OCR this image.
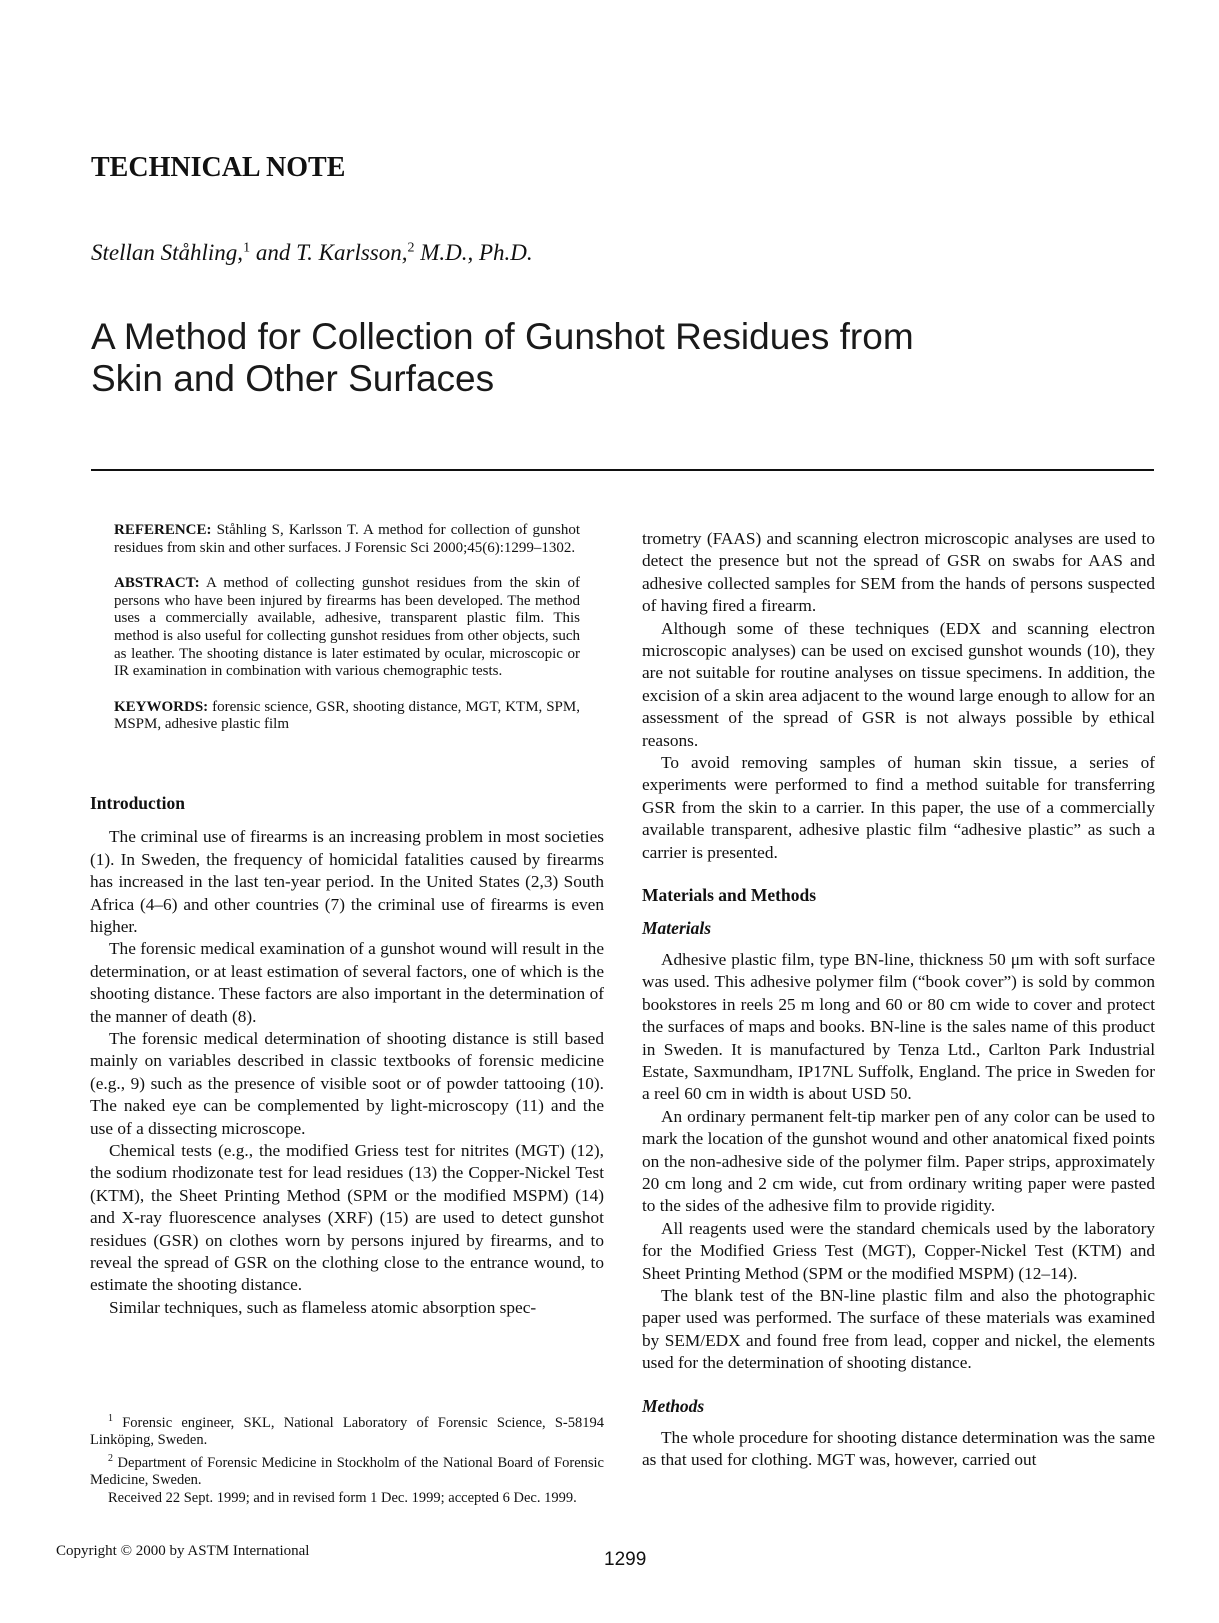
TECHNICAL NOTE

Stellan Ståhling,$^1$ and T. Karlsson,$^2$ M.D., Ph.D.

A Method for Collection of Gunshot Residues from
Skin and Other Surfaces
REFERENCE: Ståhling S, Karlsson T. A method for collection of gunshot residues from skin and other surfaces. J Forensic Sci 2000;45(6):1299–1302.
ABSTRACT: A method of collecting gunshot residues from the skin of persons who have been injured by firearms has been developed. The method uses a commercially available, adhesive, transparent plastic film. This method is also useful for collecting gunshot residues from other objects, such as leather. The shooting distance is later estimated by ocular, microscopic or IR examination in combination with various chemographic tests.
KEYWORDS: forensic science, GSR, shooting distance, MGT, KTM, SPM, MSPM, adhesive plastic film
Introduction

The criminal use of firearms is an increasing problem in most societies (1). In Sweden, the frequency of homicidal fatalities caused by firearms has increased in the last ten-year period. In the United States (2,3) South Africa (4–6) and other countries (7) the criminal use of firearms is even higher.

The forensic medical examination of a gunshot wound will result in the determination, or at least estimation of several factors, one of which is the shooting distance. These factors are also important in the determination of the manner of death (8).

The forensic medical determination of shooting distance is still based mainly on variables described in classic textbooks of forensic medicine (e.g., 9) such as the presence of visible soot or of powder tattooing (10). The naked eye can be complemented by light-microscopy (11) and the use of a dissecting microscope.

Chemical tests (e.g., the modified Griess test for nitrites (MGT) (12), the sodium rhodizonate test for lead residues (13) the Copper-Nickel Test (KTM), the Sheet Printing Method (SPM or the modified MSPM) (14) and X-ray fluorescence analyses (XRF) (15) are used to detect gunshot residues (GSR) on clothes worn by persons injured by firearms, and to reveal the spread of GSR on the clothing close to the entrance wound, to estimate the shooting distance.

Similar techniques, such as flameless atomic absorption spec-

$^1$ Forensic engineer, SKL, National Laboratory of Forensic Science, S-58194 Linköping, Sweden.

$^2$ Department of Forensic Medicine in Stockholm of the National Board of Forensic Medicine, Sweden.

Received 22 Sept. 1999; and in revised form 1 Dec. 1999; accepted 6 Dec. 1999.

trometry (FAAS) and scanning electron microscopic analyses are used to detect the presence but not the spread of GSR on swabs for AAS and adhesive collected samples for SEM from the hands of persons suspected of having fired a firearm.

Although some of these techniques (EDX and scanning electron microscopic analyses) can be used on excised gunshot wounds (10), they are not suitable for routine analyses on tissue specimens. In addition, the excision of a skin area adjacent to the wound large enough to allow for an assessment of the spread of GSR is not always possible by ethical reasons.

To avoid removing samples of human skin tissue, a series of experiments were performed to find a method suitable for transferring GSR from the skin to a carrier. In this paper, the use of a commercially available transparent, adhesive plastic film “adhesive plastic” as such a carrier is presented.

Materials and Methods
Materials

Adhesive plastic film, type BN-line, thickness 50 μm with soft surface was used. This adhesive polymer film (“book cover”) is sold by common bookstores in reels 25 m long and 60 or 80 cm wide to cover and protect the surfaces of maps and books. BN-line is the sales name of this product in Sweden. It is manufactured by Tenza Ltd., Carlton Park Industrial Estate, Saxmundham, IP17NL Suffolk, England. The price in Sweden for a reel 60 cm in width is about USD 50.

An ordinary permanent felt-tip marker pen of any color can be used to mark the location of the gunshot wound and other anatomical fixed points on the non-adhesive side of the polymer film. Paper strips, approximately 20 cm long and 2 cm wide, cut from ordinary writing paper were pasted to the sides of the adhesive film to provide rigidity.

All reagents used were the standard chemicals used by the laboratory for the Modified Griess Test (MGT), Copper-Nickel Test (KTM) and Sheet Printing Method (SPM or the modified MSPM) (12–14).

The blank test of the BN-line plastic film and also the photographic paper used was performed. The surface of these materials was examined by SEM/EDX and found free from lead, copper and nickel, the elements used for the determination of shooting distance.

Methods

The whole procedure for shooting distance determination was the same as that used for clothing. MGT was, however, carried out

Copyright © 2000 by ASTM International	1299
